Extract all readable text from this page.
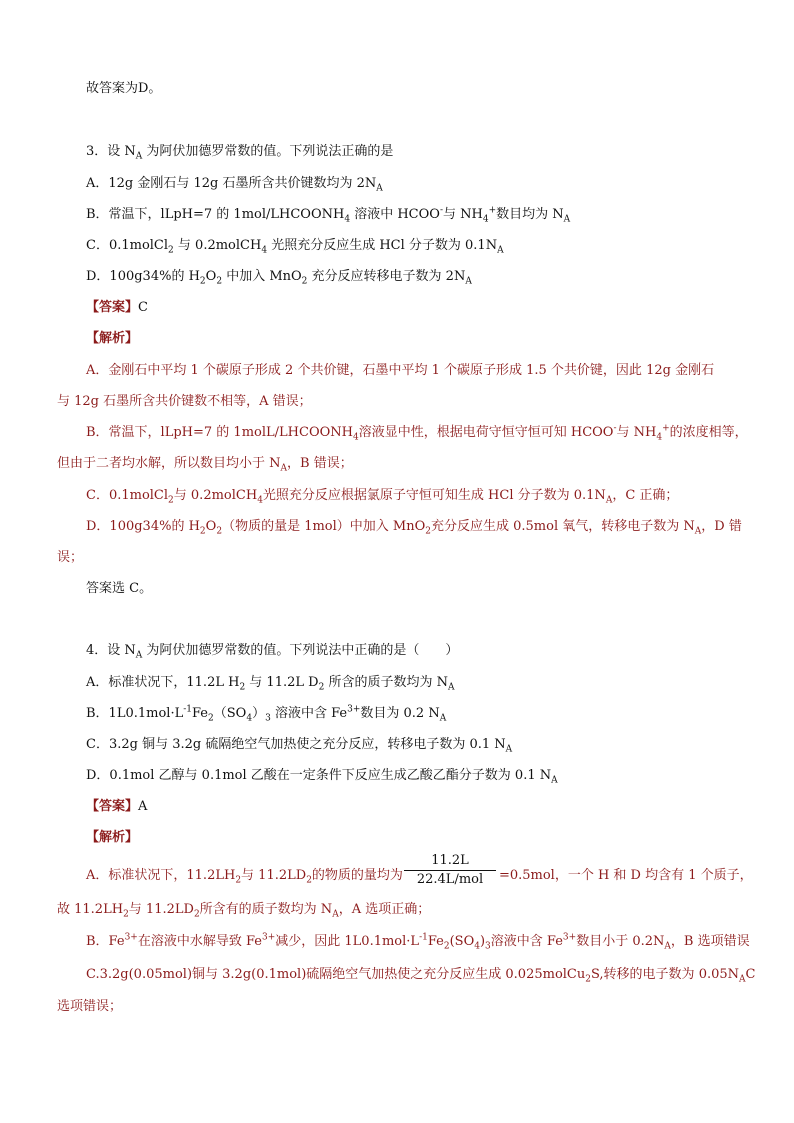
故答案为D。
3．设 $N_A$ 为阿伏加德罗常数的值。下列说法正确的是
A．12g 金刚石与 12g 石墨所含共价键数均为 $2N_A$
B．常温下，lLpH=7 的 $1mol/LHCOONH_4$ 溶液中 HCOO-与 $NH_4^+$数目均为 $N_A$
C．0.1molCl$_2$ 与 0.2molCH$_4$ 光照充分反应生成 HCl 分子数为 $0.1N_A$
D．100g34%的 $H_2O_2$ 中加入 MnO$_2$ 充分反应转移电子数为 $2N_A$
【答案】C
【解析】
A．金刚石中平均 1 个碳原子形成 2 个共价键，石墨中平均 1 个碳原子形成 1.5 个共价键，因此 12g 金刚石
与 12g 石墨所含共价键数不相等，A 错误；
B．常温下，lLpH=7 的 $1molL/LHCOONH_4$溶液显中性，根据电荷守恒守恒可知 HCOO-与 $NH_4^+$的浓度相等，
但由于二者均水解，所以数目均小于 $N_A$，B 错误；
C．0.1molCl$_2$与 0.2molCH$_4$光照充分反应根据氯原子守恒可知生成 HCl 分子数为 $0.1N_A$，C 正确；
D．100g34%的 $H_2O_2$（物质的量是 1mol）中加入 MnO$_2$充分反应生成 0.5mol 氧气，转移电子数为 $N_A$，D 错
误；
答案选 C。
4．设 $N_A$ 为阿伏加德罗常数的值。下列说法中正确的是（　　）
A．标准状况下，11.2L $H_2$ 与 11.2L $D_2$ 所含的质子数均为 $N_A$
B．$1L0.1mol\cdot L^{-1}Fe_2(SO_4)_3$ 溶液中含 $Fe^{3+}$数目为 0.2 $N_A$
C．3.2g 铜与 3.2g 硫隔绝空气加热使之充分反应，转移电子数为 0.1 $N_A$
D．0.1mol 乙醇与 0.1mol 乙酸在一定条件下反应生成乙酸乙酯分子数为 0.1 $N_A$
【答案】A
【解析】
A．标准状况下，$11.2LH_2$与 $11.2LD_2$的物质的量均为	=0.5mol，一个 H 和 D 均含有 1 个质子，
11.2L
22.4L/mol
故 $11.2LH_2$与 $11.2LD_2$所含有的质子数均为 $N_A$，A 选项正确；
B．$Fe^{3+}$在溶液中水解导致 $Fe^{3+}$减少，因此 $1L0.1mol\cdot L^{-1}Fe_2(SO_4)_3$溶液中含 $Fe^{3+}$数目小于 $0.2N_A$，B 选项错误
C.3.2g(0.05mol)铜与 3.2g(0.1mol)硫隔绝空气加热使之充分反应生成 0.025molCu$_2$S,转移的电子数为 $0.05N_AC$
选项错误；
